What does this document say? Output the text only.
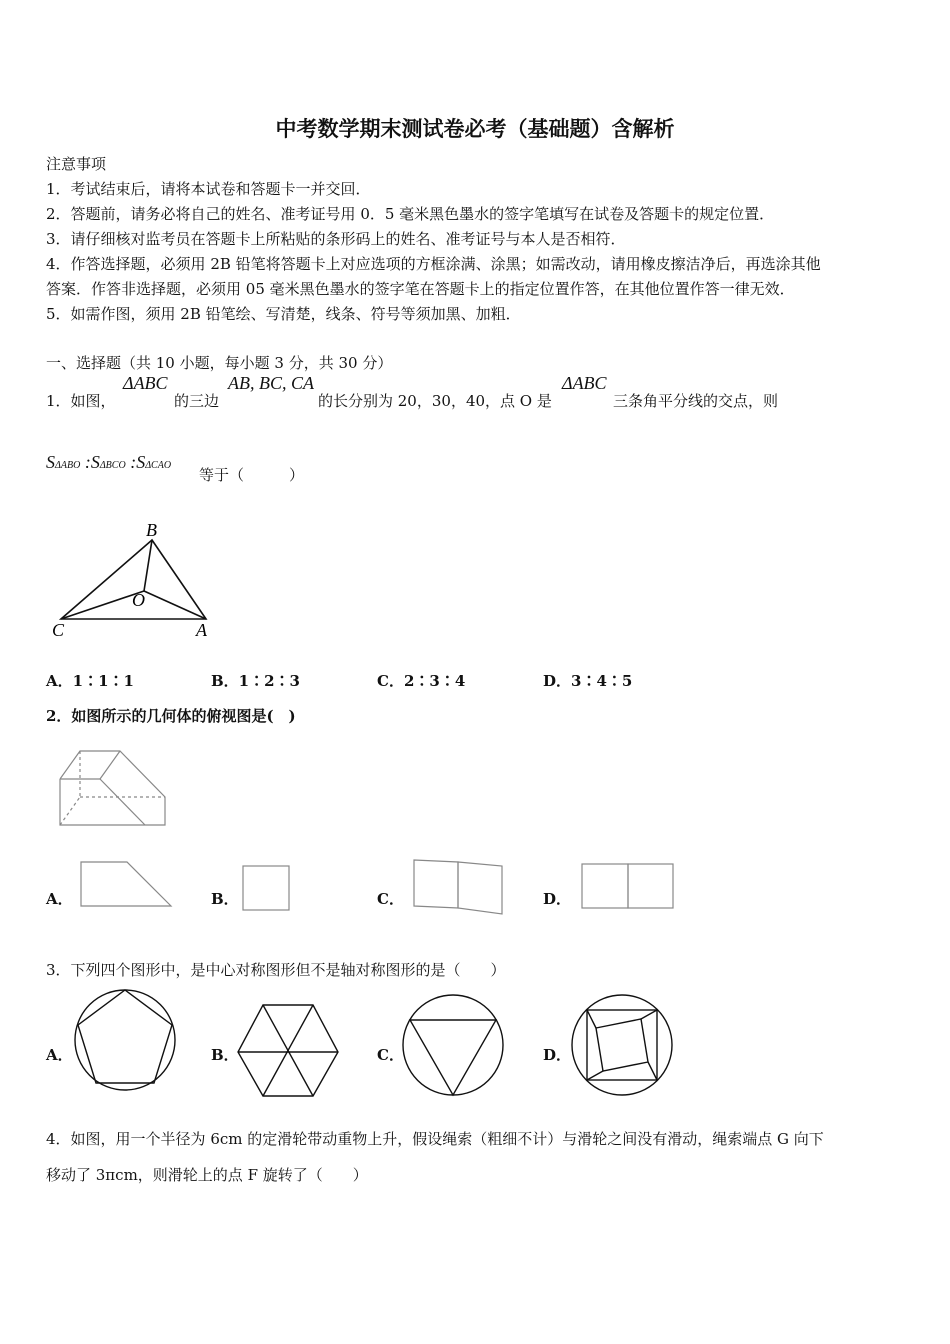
中考数学期末测试卷必考（基础题）含解析
注意事项
1．考试结束后，请将本试卷和答题卡一并交回．
2．答题前，请务必将自己的姓名、准考证号用 0．5 毫米黑色墨水的签字笔填写在试卷及答题卡的规定位置．
3．请仔细核对监考员在答题卡上所粘贴的条形码上的姓名、准考证号与本人是否相符．
4．作答选择题，必须用 2B 铅笔将答题卡上对应选项的方框涂满、涂黑；如需改动，请用橡皮擦洁净后，再选涂其他
答案．作答非选择题，必须用 05 毫米黑色墨水的签字笔在答题卡上的指定位置作答，在其他位置作答一律无效．
5．如需作图，须用 2B 铅笔绘、写清楚，线条、符号等须加黑、加粗．
一、选择题（共 10 小题，每小题 3 分，共 30 分）
1．如图，
ΔABC
的三边
AB, BC, CA
的长分别为 20，30，40，点 O 是
ΔABC
三条角平分线的交点，则
SΔABO :SΔBCO :SΔCAO
等于（　　　）
B
O
C	A
A．1∶1∶1	B．1∶2∶3	C．2∶3∶4	D．3∶4∶5
2．如图所示的几何体的俯视图是(　)
A．	B．	C．	D．
3．下列四个图形中，是中心对称图形但不是轴对称图形的是（　　）
A．	B．	C．	D．
4．如图，用一个半径为 6cm 的定滑轮带动重物上升，假设绳索（粗细不计）与滑轮之间没有滑动，绳索端点 G 向下
移动了 3πcm，则滑轮上的点 F 旋转了（　　）
